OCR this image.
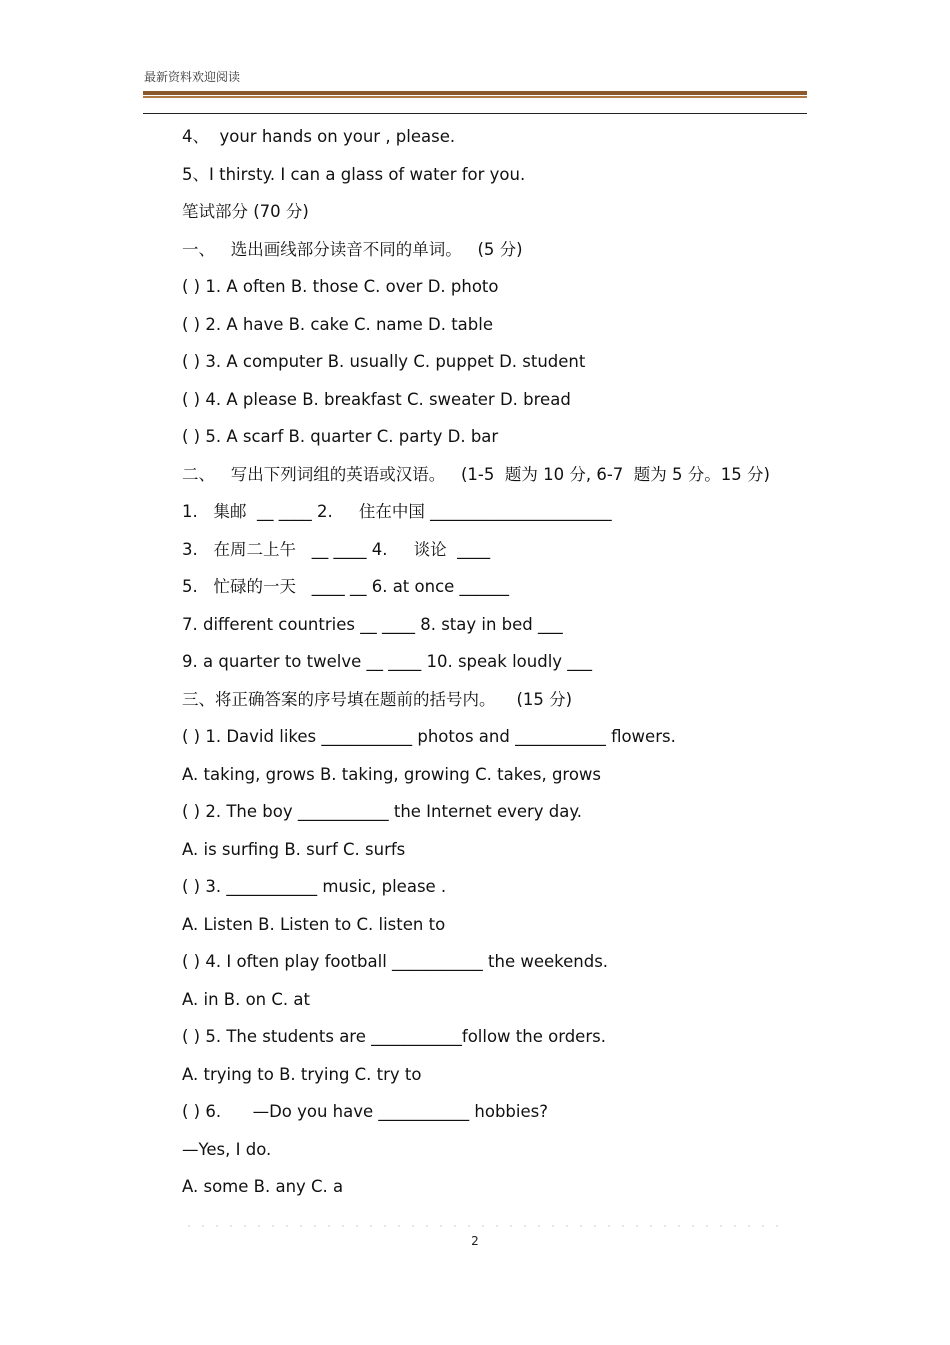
最新资料欢迎阅读
4、  your hands on your , please.
5、I thirsty. I can a glass of water for you.
笔试部分 (70 分)
一、   选出画线部分读音不同的单词。   (5 分)
( ) 1. A often B. those C. over D. photo
( ) 2. A have B. cake C. name D. table
( ) 3. A computer B. usually C. puppet D. student
( ) 4. A please B. breakfast C. sweater D. bread
( ) 5. A scarf B. quarter C. party D. bar
二、   写出下列词组的英语或汉语。   (1-5  题为 10 分, 6-7  题为 5 分。15 分)
1.   集邮  __ ____ 2.     住在中国 ______________________
3.   在周二上午   __ ____ 4.     谈论  ____
5.   忙碌的一天   ____ __ 6. at once ______
7. different countries __ ____ 8. stay in bed ___
9. a quarter to twelve __ ____ 10. speak loudly ___
三、将正确答案的序号填在题前的括号内。    (15 分)
( ) 1. David likes ___________ photos and ___________ flowers.
A. taking, grows B. taking, growing C. takes, grows
( ) 2. The boy ___________ the Internet every day.
A. is surfing B. surf C. surfs
( ) 3. ___________ music, please .
A. Listen B. Listen to C. listen to
( ) 4. I often play football ___________ the weekends.
A. in B. on C. at
( ) 5. The students are ___________follow the orders.
A. trying to B. trying C. try to
( ) 6.      —Do you have ___________ hobbies?
—Yes, I do.
A. some B. any C. a
2
